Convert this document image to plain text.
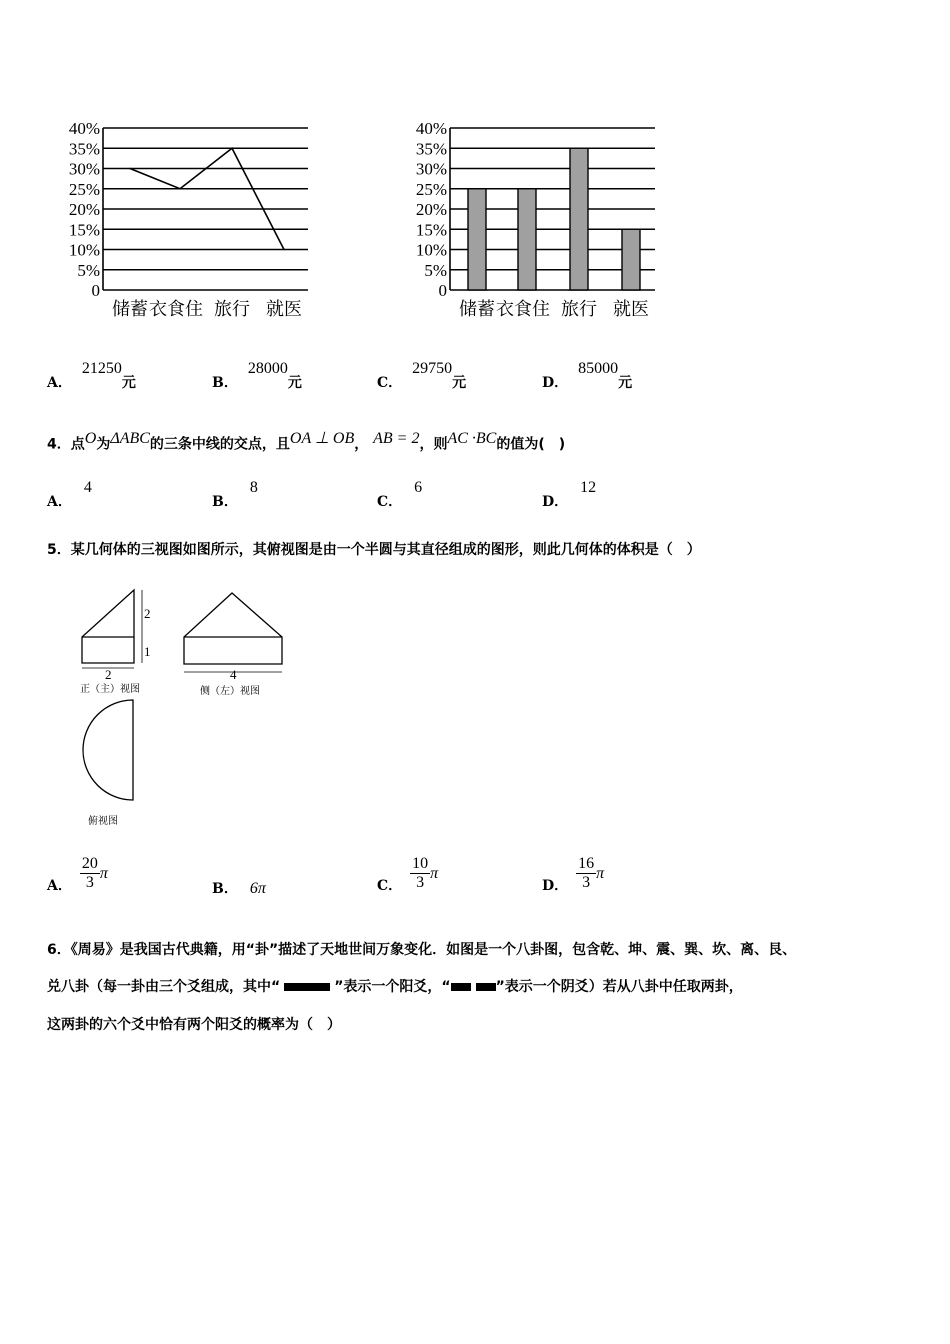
0
5%
10%
15%
20%
25%
30%
35%
40%
储蓄 衣食住 旅行 就医
0
5%
10%
15%
20%
25%
30%
35%
40%
储蓄 衣食住 旅行 就医
A．21250元	B．28000元	C．29750元	D．85000元
4．点$^O$为$^{\Delta ABC}$的三条中线的交点，且$^{OA \perp OB}$， $^{AB = 2}$，则$^{AC \cdot BC}$的值为(　)
A．4
B．8
C．6
D．12
5．某几何体的三视图如图所示，其俯视图是由一个半圆与其直径组成的图形，则此几何体的体积是（　）
2
1
2	4
正（主）视图	侧（左）视图
俯视图
A． $\frac{20}{3}$ π
B． 6π	C． $\frac{10}{3}$ π
D． $\frac{16}{3}$ π
6．《周易》是我国古代典籍，用“卦”描述了天地世间万象变化．如图是一个八卦图，包含乾、坤、震、巽、坎、离、艮、
兑八卦（每一卦由三个爻组成，其中“	”表示一个阳爻，“	”表示一个阴爻）若从八卦中任取两卦，
这两卦的六个爻中恰有两个阳爻的概率为（　）
